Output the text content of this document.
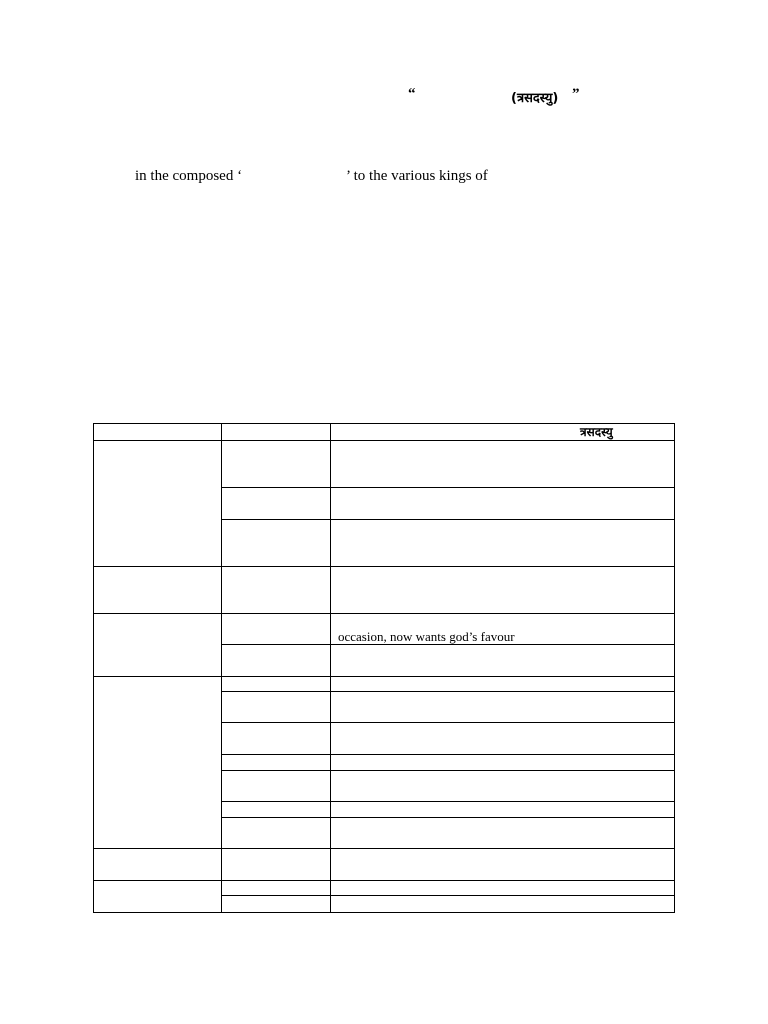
“	(त्रसदस्यु) ”
in the composed ‘	’ to the various kings of
त्रसदस्यु
occasion, now wants god’s favour
